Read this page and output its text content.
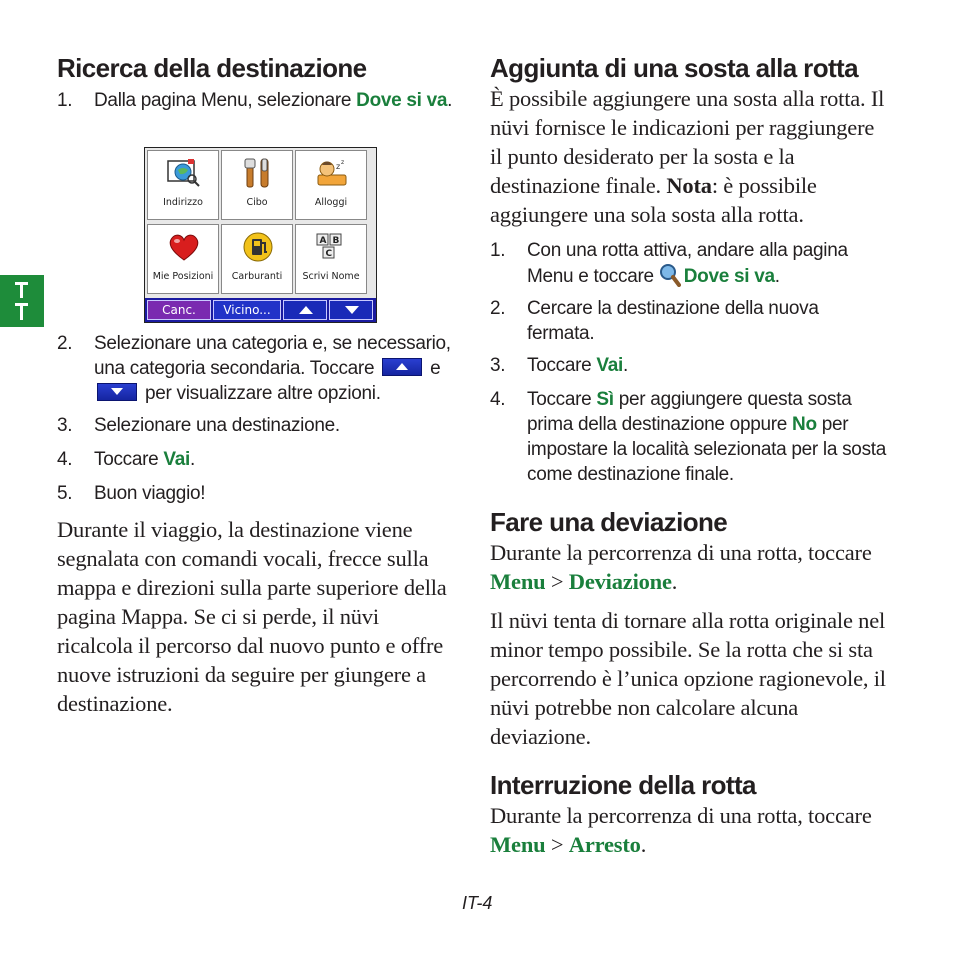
Ricerca della destinazione
1.	Dalla pagina Menu, selezionare Dove si va.
Indirizzo	Cibo
z z
Alloggi
Mie Posizioni	Carburanti
A B
C
Scrivi Nome
Canc.	Vicino...
2.	Selezionare una categoria e, se necessario, una categoria secondaria. Toccare
e
per visualizzare altre opzioni.
3.	Selezionare una destinazione.
4.	Toccare Vai.
5.	Buon viaggio!

Durante il viaggio, la destinazione viene segnalata con comandi vocali, frecce sulla mappa e direzioni sulla parte superiore della pagina Mappa. Se ci si perde, il nüvi ricalcola il percorso dal nuovo punto e offre nuove istruzioni da seguire per giungere a destinazione.

Aggiunta di una sosta alla rotta

È possibile aggiungere una sosta alla rotta. Il nüvi fornisce le indicazioni per raggiungere il punto desiderato per la sosta e la destinazione finale. Nota: è possibile aggiungere una sola sosta alla rotta.

1.	Con una rotta attiva, andare alla pagina Menu e toccare Dove si va.
2.	Cercare la destinazione della nuova fermata.
3.	Toccare Vai.
4.	Toccare Sì per aggiungere questa sosta prima della destinazione oppure No per impostare la località selezionata per la sosta come destinazione finale.
Fare una deviazione

Durante la percorrenza di una rotta, toccare Menu > Deviazione.

Il nüvi tenta di tornare alla rotta originale nel minor tempo possibile. Se la rotta che si sta percorrendo è l’unica opzione ragionevole, il nüvi potrebbe non calcolare alcuna deviazione.

Interruzione della rotta

Durante la percorrenza di una rotta, toccare Menu > Arresto.

IT-4
